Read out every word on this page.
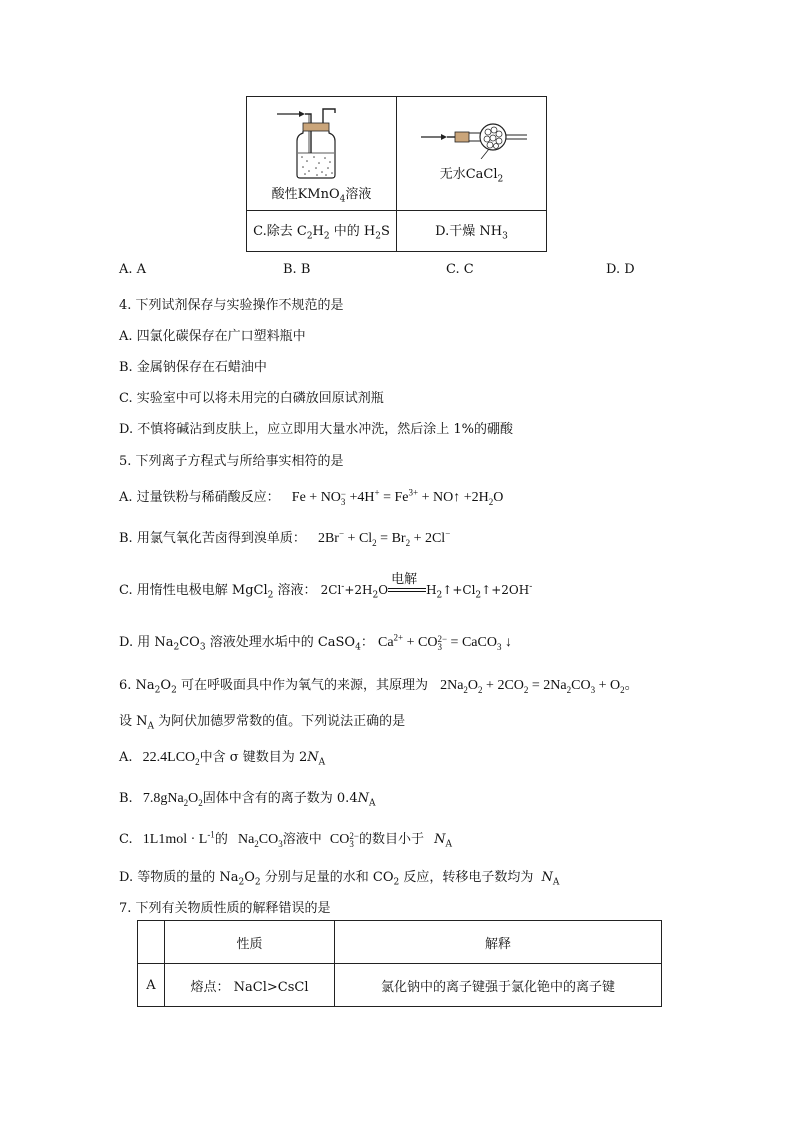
酸性KMnO$_4$溶液	无水CaCl$_2$

C.除去 $C_2H_2$ 中的 $H_2S$	D.干燥 $NH_3$
A. A	B. B	C. C	D. D
4. 下列试剂保存与实验操作不规范的是
A. 四氯化碳保存在广口塑料瓶中
B. 金属钠保存在石蜡油中
C. 实验室中可以将未用完的白磷放回原试剂瓶
D. 不慎将碱沾到皮肤上，应立即用大量水冲洗，然后涂上 1%的硼酸
5. 下列离子方程式与所给事实相符的是
A. 过量铁粉与稀硝酸反应： Fe + NO −
$3 +4H^+ = Fe^{3+}$ + NO↑ $+2H_2O$
B. 用氯气氧化苦卤得到溴单质： $2Br^- + Cl_2 = Br_2 + 2Cl^-$
C. 用惰性电极电解 MgCl$_2$ 溶液： $2Cl^-+2H_2O$
电解
$H_2↑+Cl_2↑+2OH^-$
D. 用 $Na_2CO_3$ 溶液处理水垢中的 CaSO$_4$： $Ca^{2+}$ + CO 2−
3 = CaCO$_3$ ↓
6. $Na_2O_2$ 可在呼吸面具中作为氧气的来源，其原理为 $2Na_2O_2 + 2CO_2 = 2Na_2CO_3 + O_2$。
设 $N_A$ 为阿伏加德罗常数的值。下列说法正确的是
A. $22.4LCO_2$中含 σ 键数目为 $2N_A$
B. $7.8gNa_2O_2$固体中含有的离子数为 $0.4N_A$
C. $1L1mol \cdot L^{-1}$的 $Na_2CO_3$溶液中 CO 2−
3 的数目小于 $N_A$
D. 等物质的量的 $Na_2O_2$ 分别与足量的水和 $CO_2$ 反应，转移电子数均为 $N_A$
7. 下列有关物质性质的解释错误的是
	性质	解释
A	熔点： NaCl>CsCl	氯化钠中的离子键强于氯化铯中的离子键
